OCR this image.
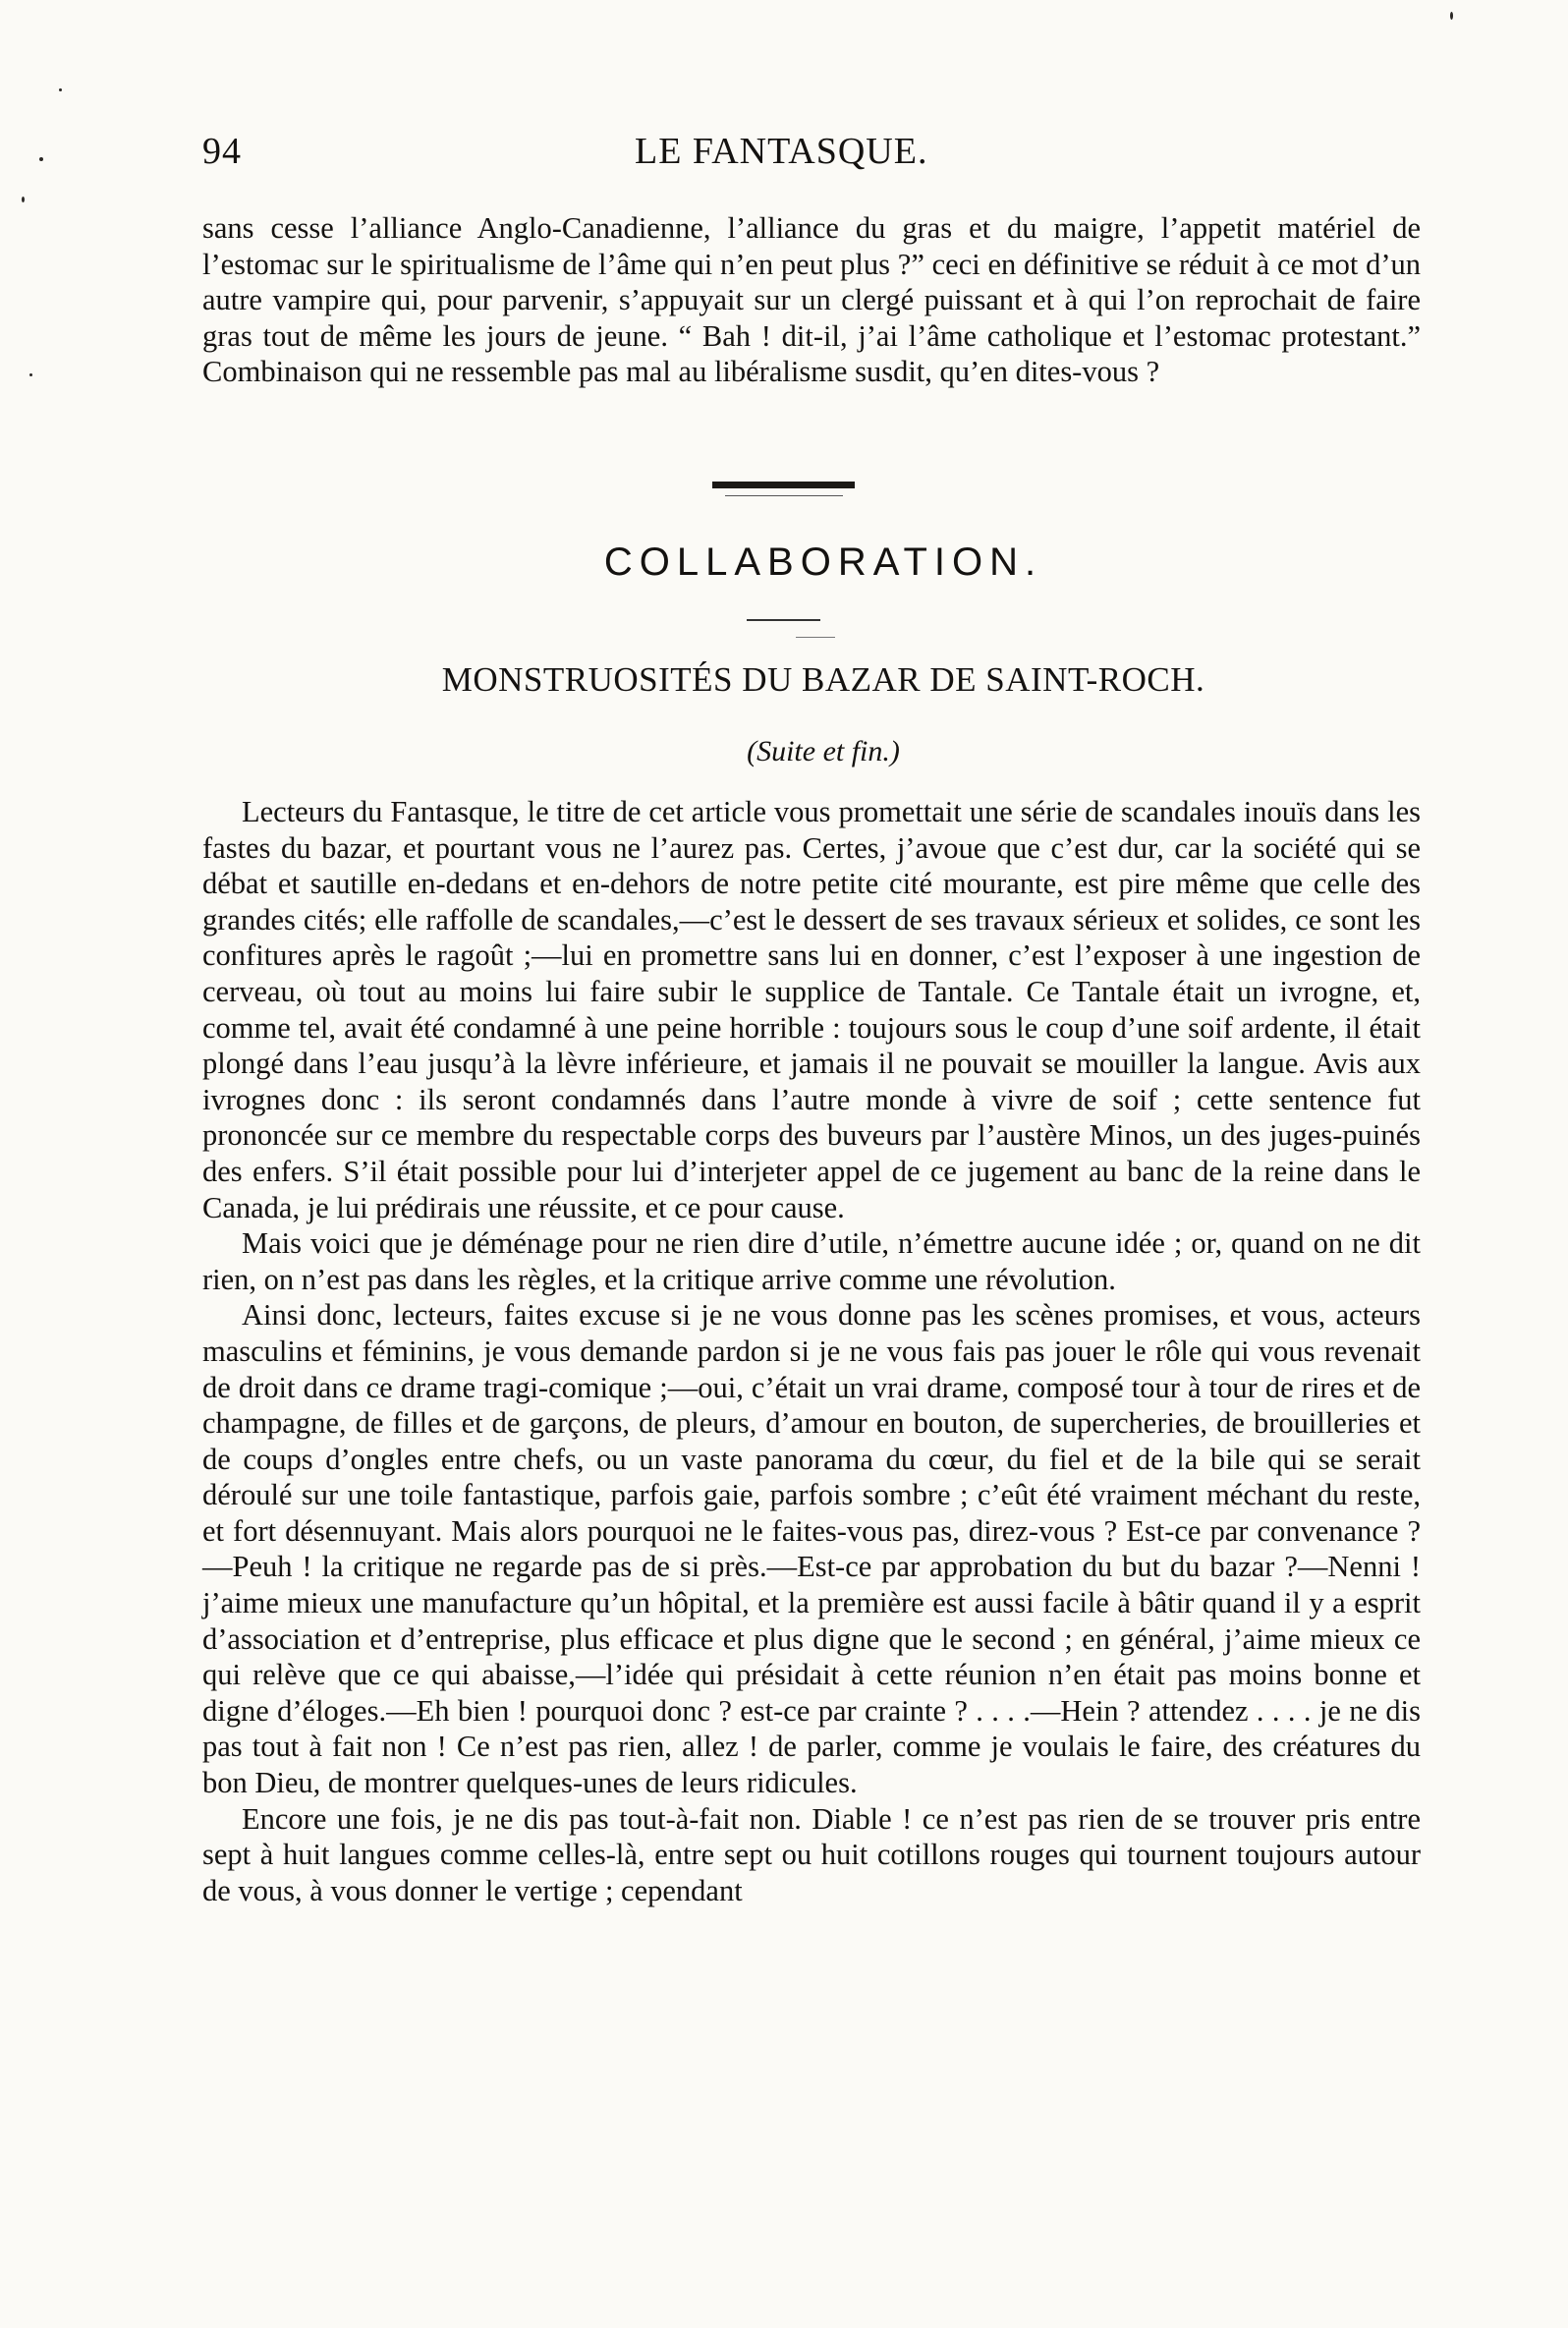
94	LE FANTASQUE.

sans cesse l’alliance Anglo-Canadienne, l’alliance du gras et du maigre, l’appetit matériel de l’estomac sur le spiritualisme de l’âme qui n’en peut plus ?” ceci en définitive se réduit à ce mot d’un autre vampire qui, pour parvenir, s’appuyait sur un clergé puissant et à qui l’on reprochait de faire gras tout de même les jours de jeune. “ Bah ! dit-il, j’ai l’âme catholique et l’estomac protestant.” Combinaison qui ne ressemble pas mal au libéralisme susdit, qu’en dites-vous ?

COLLABORATION.
MONSTRUOSITÉS DU BAZAR DE SAINT-ROCH.
(Suite et fin.)

Lecteurs du Fantasque, le titre de cet article vous promettait une série de scandales inouïs dans les fastes du bazar, et pourtant vous ne l’aurez pas. Certes, j’avoue que c’est dur, car la société qui se débat et sautille en-dedans et en-dehors de notre petite cité mourante, est pire même que celle des grandes cités; elle raffolle de scandales,—c’est le dessert de ses travaux sérieux et solides, ce sont les confitures après le ragoût ;—lui en promettre sans lui en donner, c’est l’exposer à une ingestion de cerveau, où tout au moins lui faire subir le supplice de Tantale. Ce Tantale était un ivrogne, et, comme tel, avait été condamné à une peine horrible : toujours sous le coup d’une soif ardente, il était plongé dans l’eau jusqu’à la lèvre inférieure, et jamais il ne pouvait se mouiller la langue. Avis aux ivrognes donc : ils seront condamnés dans l’autre monde à vivre de soif ; cette sentence fut prononcée sur ce membre du respectable corps des buveurs par l’austère Minos, un des juges-puinés des enfers. S’il était possible pour lui d’interjeter appel de ce jugement au banc de la reine dans le Canada, je lui prédirais une réussite, et ce pour cause.

Mais voici que je déménage pour ne rien dire d’utile, n’émettre aucune idée ; or, quand on ne dit rien, on n’est pas dans les règles, et la critique arrive comme une révolution.

Ainsi donc, lecteurs, faites excuse si je ne vous donne pas les scènes promises, et vous, acteurs masculins et féminins, je vous demande pardon si je ne vous fais pas jouer le rôle qui vous revenait de droit dans ce drame tragi-comique ;—oui, c’était un vrai drame, composé tour à tour de rires et de champagne, de filles et de garçons, de pleurs, d’amour en bouton, de supercheries, de brouilleries et de coups d’ongles entre chefs, ou un vaste panorama du cœur, du fiel et de la bile qui se serait déroulé sur une toile fantastique, parfois gaie, parfois sombre ; c’eût été vraiment méchant du reste, et fort désennuyant. Mais alors pourquoi ne le faites-vous pas, direz-vous ? Est-ce par convenance ?—Peuh ! la critique ne regarde pas de si près.—Est-ce par approbation du but du bazar ?—Nenni ! j’aime mieux une manufacture qu’un hôpital, et la première est aussi facile à bâtir quand il y a esprit d’association et d’entreprise, plus efficace et plus digne que le second ; en général, j’aime mieux ce qui relève que ce qui abaisse,—l’idée qui présidait à cette réunion n’en était pas moins bonne et digne d’éloges.—Eh bien ! pourquoi donc ? est-ce par crainte ? . . . .—Hein ? attendez . . . . je ne dis pas tout à fait non ! Ce n’est pas rien, allez ! de parler, comme je voulais le faire, des créatures du bon Dieu, de montrer quelques-unes de leurs ridicules.

Encore une fois, je ne dis pas tout-à-fait non. Diable ! ce n’est pas rien de se trouver pris entre sept à huit langues comme celles-là, entre sept ou huit cotillons rouges qui tournent toujours autour de vous, à vous donner le vertige ; cependant
